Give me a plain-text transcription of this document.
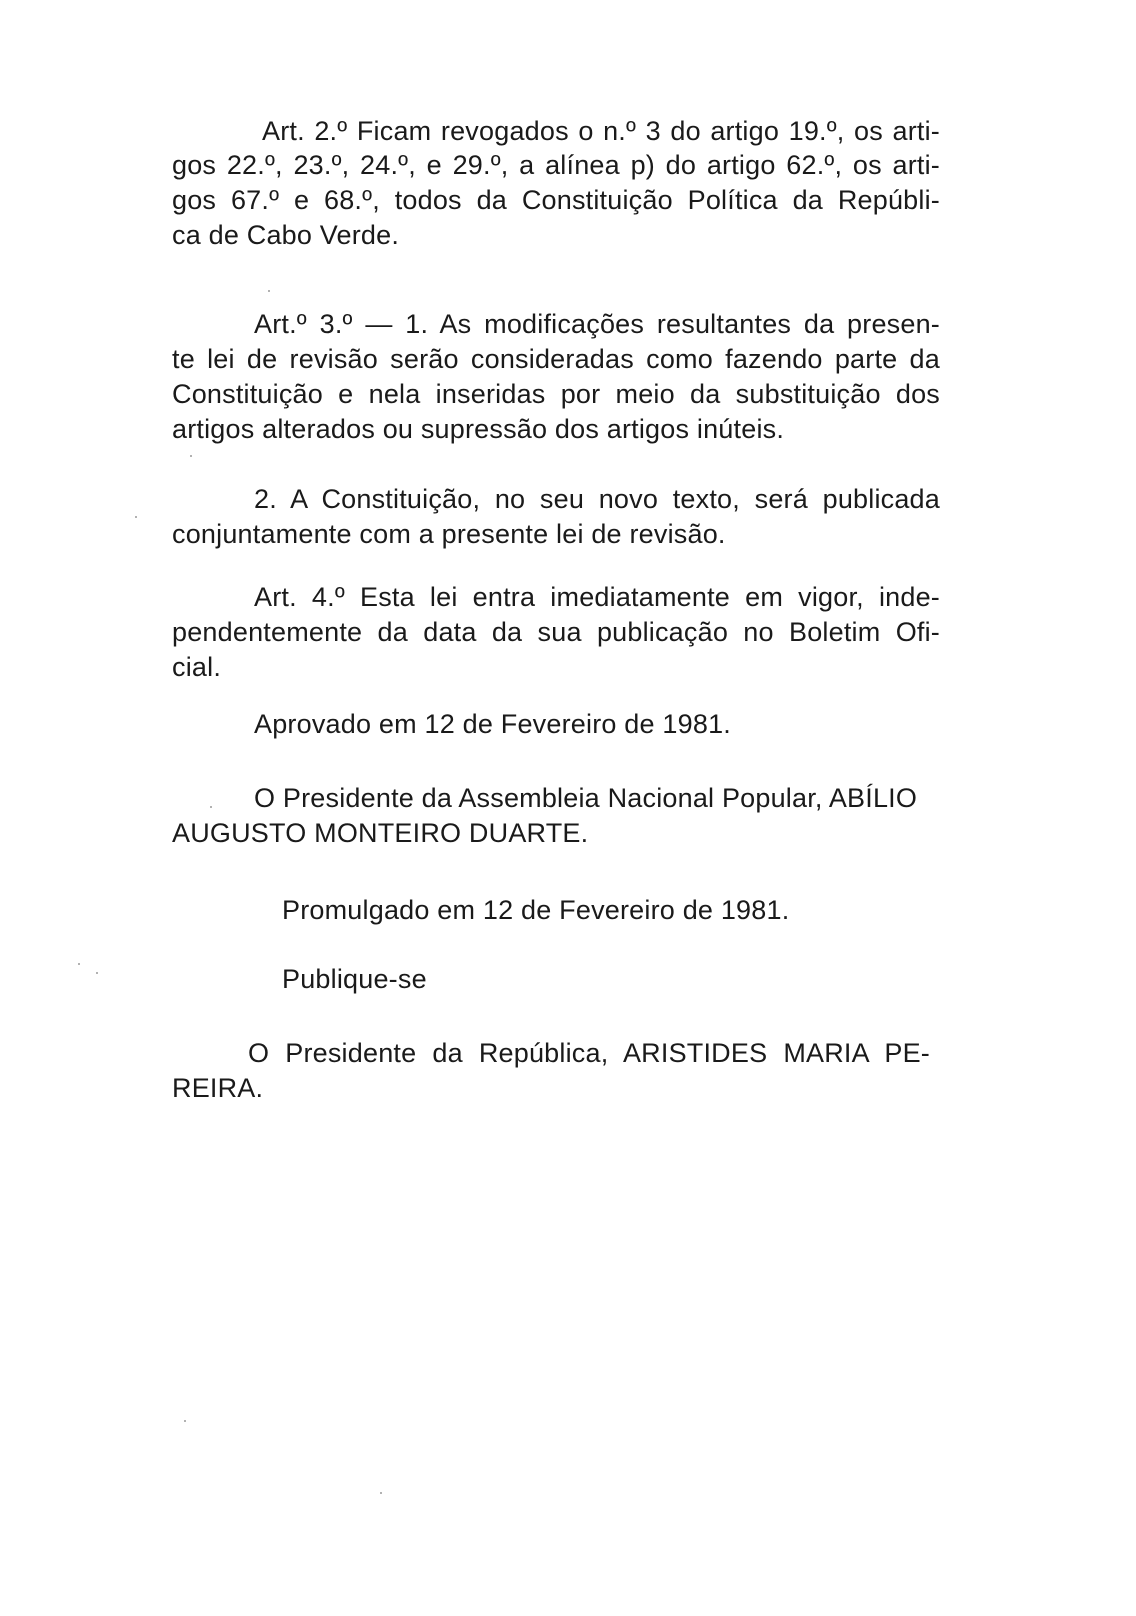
Art. 2.º Ficam revogados o n.º 3 do artigo 19.º, os arti-
gos 22.º, 23.º, 24.º, e 29.º, a alínea p) do artigo 62.º, os arti-
gos 67.º e 68.º, todos da Constituição Política da Repúbli-
ca de Cabo Verde.
Art.º 3.º — 1. As modificações resultantes da presen-
te lei de revisão serão consideradas como fazendo parte da
Constituição e nela inseridas por meio da substituição dos
artigos alterados ou supressão dos artigos inúteis.
2. A Constituição, no seu novo texto, será publicada
conjuntamente com a presente lei de revisão.
Art. 4.º Esta lei entra imediatamente em vigor, inde-
pendentemente da data da sua publicação no Boletim Ofi-
cial.
Aprovado em 12 de Fevereiro de 1981.
O Presidente da Assembleia Nacional Popular, ABÍLIO
AUGUSTO MONTEIRO DUARTE.
Promulgado em 12 de Fevereiro de 1981.
Publique-se
O Presidente da República, ARISTIDES MARIA PE-
REIRA.
